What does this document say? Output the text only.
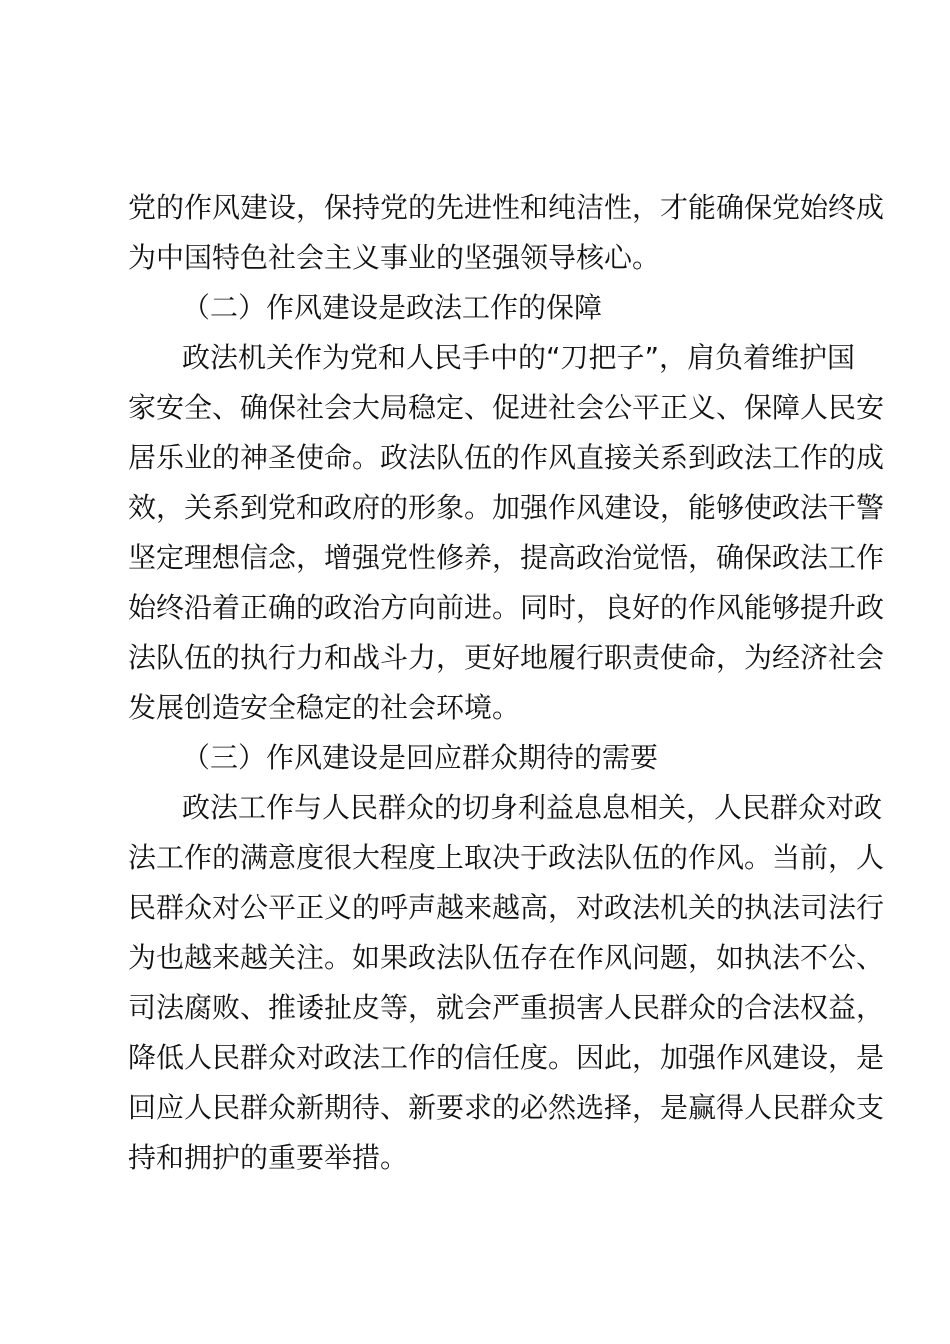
党的作风建设，保持党的先进性和纯洁性，才能确保党始终成
为中国特色社会主义事业的坚强领导核心。
（二）作风建设是政法工作的保障
政法机关作为党和人民手中的“刀把子”，肩负着维护国
家安全、确保社会大局稳定、促进社会公平正义、保障人民安
居乐业的神圣使命。政法队伍的作风直接关系到政法工作的成
效，关系到党和政府的形象。加强作风建设，能够使政法干警
坚定理想信念，增强党性修养，提高政治觉悟，确保政法工作
始终沿着正确的政治方向前进。同时，良好的作风能够提升政
法队伍的执行力和战斗力，更好地履行职责使命，为经济社会
发展创造安全稳定的社会环境。
（三）作风建设是回应群众期待的需要
政法工作与人民群众的切身利益息息相关，人民群众对政
法工作的满意度很大程度上取决于政法队伍的作风。当前，人
民群众对公平正义的呼声越来越高，对政法机关的执法司法行
为也越来越关注。如果政法队伍存在作风问题，如执法不公、
司法腐败、推诿扯皮等，就会严重损害人民群众的合法权益，
降低人民群众对政法工作的信任度。因此，加强作风建设，是
回应人民群众新期待、新要求的必然选择，是赢得人民群众支
持和拥护的重要举措。
